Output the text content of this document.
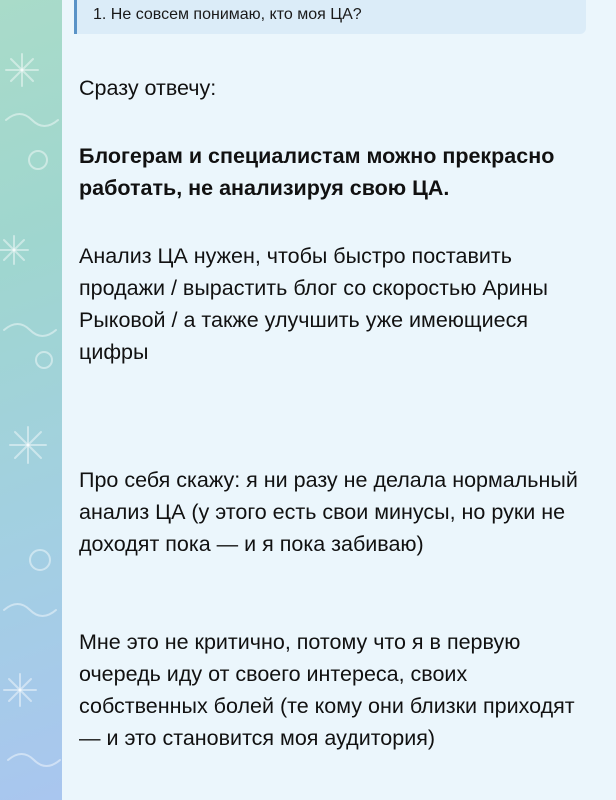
1. Не совсем понимаю, кто моя ЦА?

Сразу отвечу:

Блогерам и специалистам можно прекрасно работать, не анализируя свою ЦА.

Анализ ЦА нужен, чтобы быстро поставить продажи / вырастить блог со скоростью Арины Рыковой / а также улучшить уже имеющиеся цифры

Про себя скажу: я ни разу не делала нормальный анализ ЦА (у этого есть свои минусы, но руки не доходят пока — и я пока забиваю)

Мне это не критично, потому что я в первую очередь иду от своего интереса, своих собственных болей (те кому они близки приходят — и это становится моя аудитория)
